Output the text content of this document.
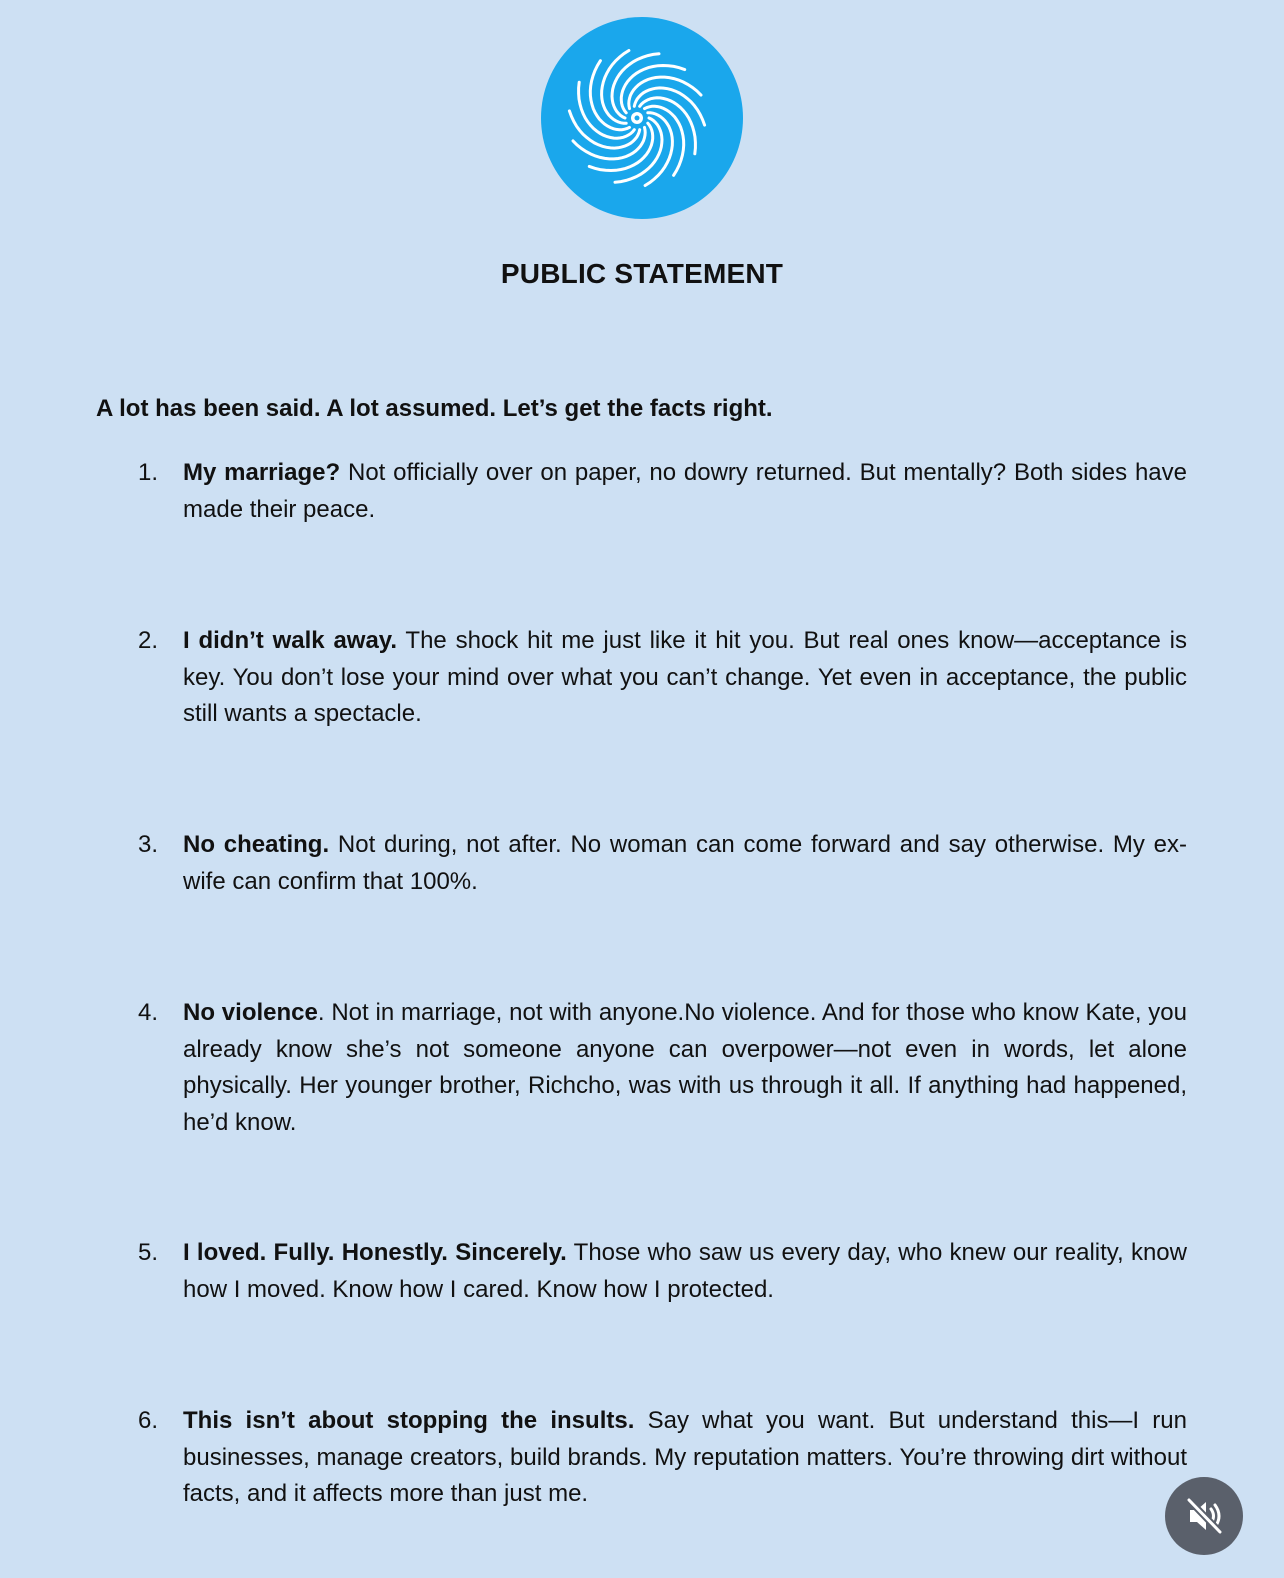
PUBLIC STATEMENT
A lot has been said. A lot assumed. Let’s get the facts right.
1.	My marriage? Not officially over on paper, no dowry returned. But mentally? Both sides have made their peace.
2.	I didn’t walk away. The shock hit me just like it hit you. But real ones know—acceptance is key. You don’t lose your mind over what you can’t change. Yet even in acceptance, the public still wants a spectacle.
3.	No cheating. Not during, not after. No woman can come forward and say otherwise. My ex-wife can confirm that 100%.
4.	No violence. Not in marriage, not with anyone.No violence. And for those who know Kate, you already know she’s not someone anyone can overpower—not even in words, let alone physically. Her younger brother, Richcho, was with us through it all. If anything had happened, he’d know.
5.	I loved. Fully. Honestly. Sincerely. Those who saw us every day, who knew our reality, know how I moved. Know how I cared. Know how I protected.
6.	This isn’t about stopping the insults. Say what you want. But understand this—I run businesses, manage creators, build brands. My reputation matters. You’re throwing dirt without facts, and it affects more than just me.
